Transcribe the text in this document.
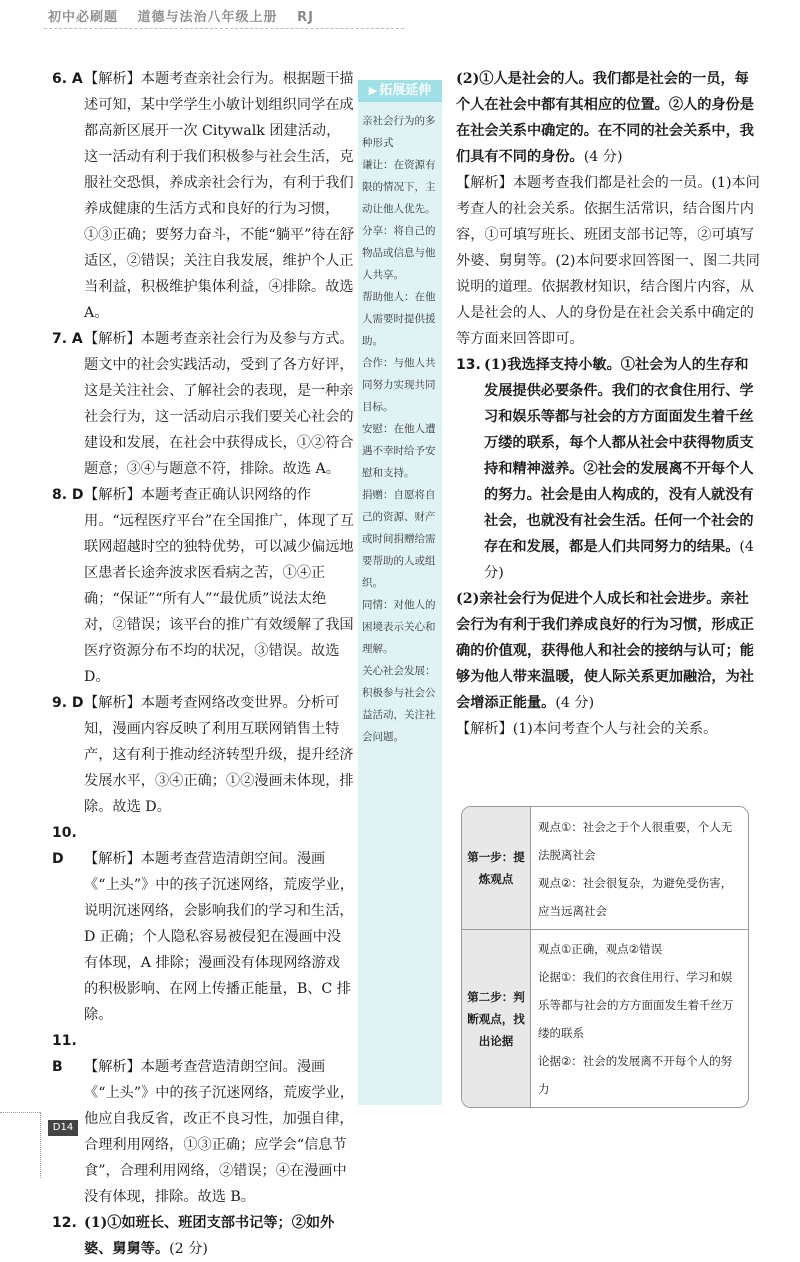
初中必刷题 道德与法治八年级上册 RJ

6. A【解析】本题考查亲社会行为。根据题干描述可知，某中学学生小敏计划组织同学在成都高新区展开一次 Citywalk 团建活动，这一活动有利于我们积极参与社会生活，克服社交恐惧，养成亲社会行为，有利于我们养成健康的生活方式和良好的行为习惯，①③正确；要努力奋斗，不能“躺平”待在舒适区，②错误；关注自我发展，维护个人正当利益，积极维护集体利益，④排除。故选 A。

7. A【解析】本题考查亲社会行为及参与方式。题文中的社会实践活动，受到了各方好评，这是关注社会、了解社会的表现，是一种亲社会行为，这一活动启示我们要关心社会的建设和发展，在社会中获得成长，①②符合题意；③④与题意不符，排除。故选 A。

8. D【解析】本题考查正确认识网络的作用。“远程医疗平台”在全国推广，体现了互联网超越时空的独特优势，可以减少偏远地区患者长途奔波求医看病之苦，①④正确；“保证”“所有人”“最优质”说法太绝对，②错误；该平台的推广有效缓解了我国医疗资源分布不均的状况，③错误。故选 D。

9. D【解析】本题考查网络改变世界。分析可知，漫画内容反映了利用互联网销售土特产，这有利于推动经济转型升级，提升经济发展水平，③④正确；①②漫画未体现，排除。故选 D。

10. D 【解析】本题考查营造清朗空间。漫画《“上头”》中的孩子沉迷网络，荒废学业，说明沉迷网络，会影响我们的学习和生活，D 正确；个人隐私容易被侵犯在漫画中没有体现，A 排除；漫画没有体现网络游戏的积极影响、在网上传播正能量，B、C 排除。

11. B 【解析】本题考查营造清朗空间。漫画《“上头”》中的孩子沉迷网络，荒废学业，他应自我反省，改正不良习性，加强自律，合理利用网络，①③正确；应学会“信息节食”，合理利用网络，②错误；④在漫画中没有体现，排除。故选 B。

12. (1)①如班长、班团支部书记等；②如外婆、舅舅等。(2 分)

▶ 拓展延伸

亲社会行为的多种形式

谦让：在资源有限的情况下，主动让他人优先。

分享：将自己的物品或信息与他人共享。

帮助他人：在他人需要时提供援助。

合作：与他人共同努力实现共同目标。

安慰：在他人遭遇不幸时给予安慰和支持。

捐赠：自愿将自己的资源、财产或时间捐赠给需要帮助的人或组织。

同情：对他人的困境表示关心和理解。

关心社会发展：积极参与社会公益活动，关注社会问题。

(2)①人是社会的人。我们都是社会的一员，每个人在社会中都有其相应的位置。②人的身份是在社会关系中确定的。在不同的社会关系中，我们具有不同的身份。(4 分)

【解析】本题考查我们都是社会的一员。(1)本问考查人的社会关系。依据生活常识，结合图片内容，①可填写班长、班团支部书记等，②可填写外婆、舅舅等。(2)本问要求回答图一、图二共同说明的道理。依据教材知识，结合图片内容，从人是社会的人、人的身份是在社会关系中确定的等方面来回答即可。

13. (1)我选择支持小敏。①社会为人的生存和发展提供必要条件。我们的衣食住用行、学习和娱乐等都与社会的方方面面发生着千丝万缕的联系，每个人都从社会中获得物质支持和精神滋养。②社会的发展离不开每个人的努力。社会是由人构成的，没有人就没有社会，也就没有社会生活。任何一个社会的存在和发展，都是人们共同努力的结果。(4 分)

(2)亲社会行为促进个人成长和社会进步。亲社会行为有利于我们养成良好的行为习惯，形成正确的价值观，获得他人和社会的接纳与认可；能够为他人带来温暖，使人际关系更加融洽，为社会增添正能量。(4 分)

【解析】(1)本问考查个人与社会的关系。

第一步：提炼观点

观点①：社会之于个人很重要，个人无法脱离社会

观点②：社会很复杂，为避免受伤害，应当远离社会

第二步：判断观点，找出论据

观点①正确，观点②错误

论据①：我们的衣食住用行、学习和娱乐等都与社会的方方面面发生着千丝万缕的联系

论据②：社会的发展离不开每个人的努力

D14
